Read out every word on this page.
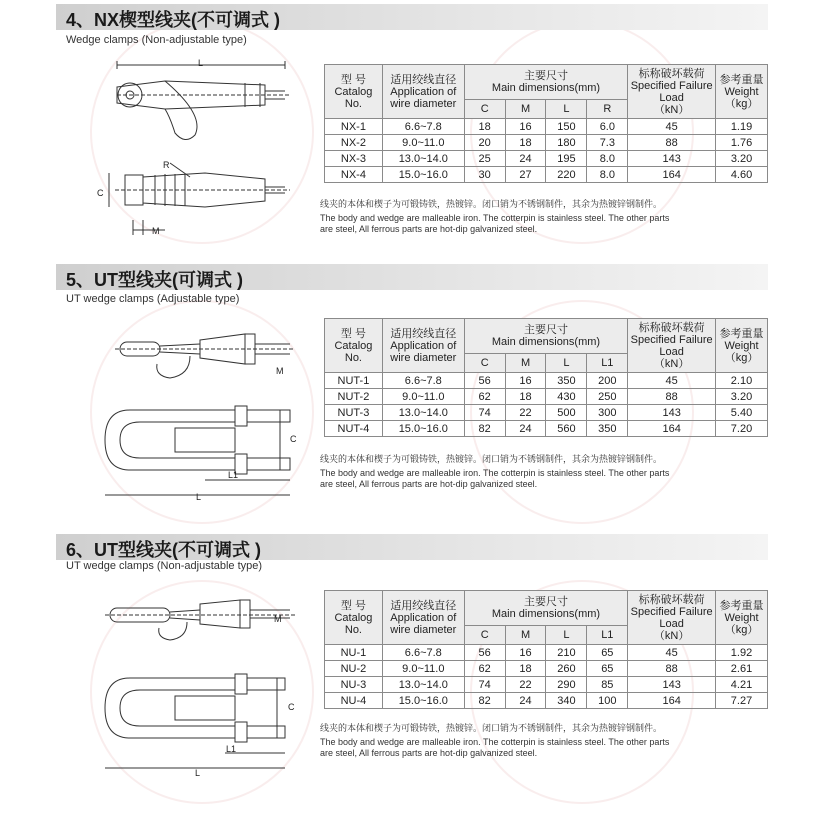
4、NX楔型线夹(不可调式 )
Wedge clamps (Non-adjustable type)
L
R
C
M
型 号
Catalog
No.	适用绞线直径
Application of
wire diameter	主要尺寸
Main dimensions(mm)				标称破坏载荷
Specified Failure
Load
（kN）	参考重量
Weight
（kg）
		C	M	L	R		
NX-1	6.6~7.8	18	16	150	6.0	45	1.19
NX-2	9.0~11.0	20	18	180	7.3	88	1.76
NX-3	13.0~14.0	25	24	195	8.0	143	3.20
NX-4	15.0~16.0	30	27	220	8.0	164	4.60
线夹的本体和楔子为可锻铸铁，热镀锌。闭口销为不锈钢制件，其余为热镀锌钢制件。
The body and wedge are malleable iron. The cotterpin is stainless steel. The other parts
are steel, All ferrous parts are hot-dip galvanized steel.
5、UT型线夹(可调式 )
UT wedge clamps (Adjustable type)
M
C
L1
L
型 号
Catalog
No.	适用绞线直径
Application of
wire diameter	主要尺寸
Main dimensions(mm)				标称破坏载荷
Specified Failure
Load
（kN）	参考重量
Weight
（kg）
		C	M	L	L1		
NUT-1	6.6~7.8	56	16	350	200	45	2.10
NUT-2	9.0~11.0	62	18	430	250	88	3.20
NUT-3	13.0~14.0	74	22	500	300	143	5.40
NUT-4	15.0~16.0	82	24	560	350	164	7.20
线夹的本体和楔子为可锻铸铁，热镀锌。闭口销为不锈钢制件，其余为热镀锌钢制件。
The body and wedge are malleable iron. The cotterpin is stainless steel. The other parts
are steel, All ferrous parts are hot-dip galvanized steel.
6、UT型线夹(不可调式 )
UT wedge clamps (Non-adjustable type)
M
C
L1
L
型 号
Catalog
No.	适用绞线直径
Application of
wire diameter	主要尺寸
Main dimensions(mm)				标称破坏载荷
Specified Failure
Load
（kN）	参考重量
Weight
（kg）
		C	M	L	L1		
NU-1	6.6~7.8	56	16	210	65	45	1.92
NU-2	9.0~11.0	62	18	260	65	88	2.61
NU-3	13.0~14.0	74	22	290	85	143	4.21
NU-4	15.0~16.0	82	24	340	100	164	7.27
线夹的本体和楔子为可锻铸铁，热镀锌。闭口销为不锈钢制件，其余为热镀锌钢制件。
The body and wedge are malleable iron. The cotterpin is stainless steel. The other parts
are steel, All ferrous parts are hot-dip galvanized steel.
